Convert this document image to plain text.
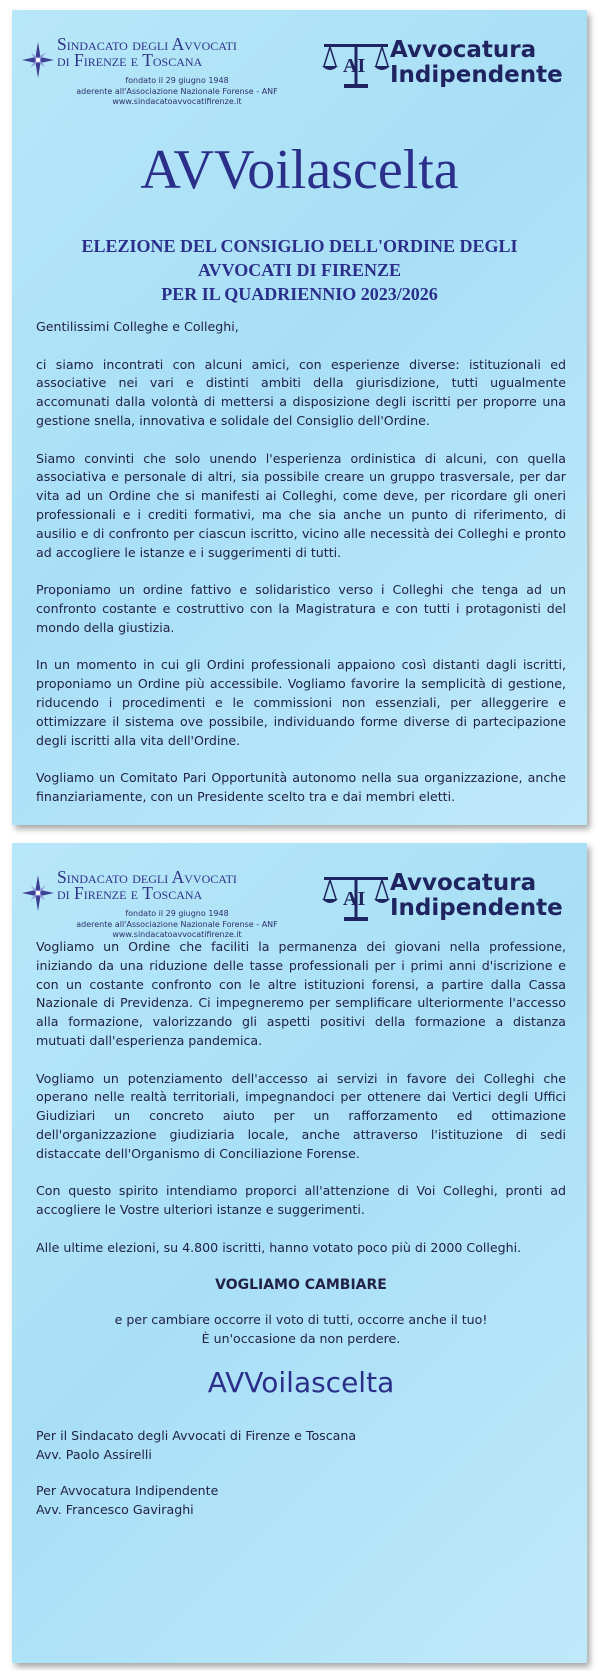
Sindacato degli Avvocati
di Firenze e Toscana
fondato il 29 giugno 1948
aderente all'Associazione Nazionale Forense - ANF
www.sindacatoavvocatifirenze.it
AI
Avvocatura
Indipendente
AVVoilascelta
ELEZIONE DEL CONSIGLIO DELL'ORDINE DEGLI
AVVOCATI DI FIRENZE
PER IL QUADRIENNIO 2023/2026

Gentilissimi Colleghe e Colleghi,

ci siamo incontrati con alcuni amici, con esperienze diverse: istituzionali ed associative nei vari e distinti ambiti della giurisdizione, tutti ugualmente accomunati dalla volontà di mettersi a disposizione degli iscritti per proporre una gestione snella, innovativa e solidale del Consiglio dell'Ordine.

Siamo convinti che solo unendo l'esperienza ordinistica di alcuni, con quella associativa e personale di altri, sia possibile creare un gruppo trasversale, per dar vita ad un Ordine che si manifesti ai Colleghi, come deve, per ricordare gli oneri professionali e i crediti formativi, ma che sia anche un punto di riferimento, di ausilio e di confronto per ciascun iscritto, vicino alle necessità dei Colleghi e pronto ad accogliere le istanze e i suggerimenti di tutti.

Proponiamo un ordine fattivo e solidaristico verso i Colleghi che tenga ad un confronto costante e costruttivo con la Magistratura e con tutti i protagonisti del mondo della giustizia.

In un momento in cui gli Ordini professionali appaiono così distanti dagli iscritti, proponiamo un Ordine più accessibile. Vogliamo favorire la semplicità di gestione, riducendo i procedimenti e le commissioni non essenziali, per alleggerire e ottimizzare il sistema ove possibile, individuando forme diverse di partecipazione degli iscritti alla vita dell'Ordine.

Vogliamo un Comitato Pari Opportunità autonomo nella sua organizzazione, anche finanziariamente, con un Presidente scelto tra e dai membri eletti.

Sindacato degli Avvocati
di Firenze e Toscana
fondato il 29 giugno 1948
aderente all'Associazione Nazionale Forense - ANF
www.sindacatoavvocatifirenze.it
AI
Avvocatura
Indipendente

Vogliamo un Ordine che faciliti la permanenza dei giovani nella professione, iniziando da una riduzione delle tasse professionali per i primi anni d'iscrizione e con un costante confronto con le altre istituzioni forensi, a partire dalla Cassa Nazionale di Previdenza. Ci impegneremo per semplificare ulteriormente l'accesso alla formazione, valorizzando gli aspetti positivi della formazione a distanza mutuati dall'esperienza pandemica.

Vogliamo un potenziamento dell'accesso ai servizi in favore dei Colleghi che operano nelle realtà territoriali, impegnandoci per ottenere dai Vertici degli Uffici Giudiziari un concreto aiuto per un rafforzamento ed ottimazione dell'organizzazione giudiziaria locale, anche attraverso l'istituzione di sedi distaccate dell'Organismo di Conciliazione Forense.

Con questo spirito intendiamo proporci all'attenzione di Voi Colleghi, pronti ad accogliere le Vostre ulteriori istanze e suggerimenti.

Alle ultime elezioni, su 4.800 iscritti, hanno votato poco più di 2000 Colleghi.

VOGLIAMO CAMBIARE

e per cambiare occorre il voto di tutti, occorre anche il tuo!
È un'occasione da non perdere.

AVVoilascelta

Per il Sindacato degli Avvocati di Firenze e Toscana
Avv. Paolo Assirelli

Per Avvocatura Indipendente
Avv. Francesco Gaviraghi
